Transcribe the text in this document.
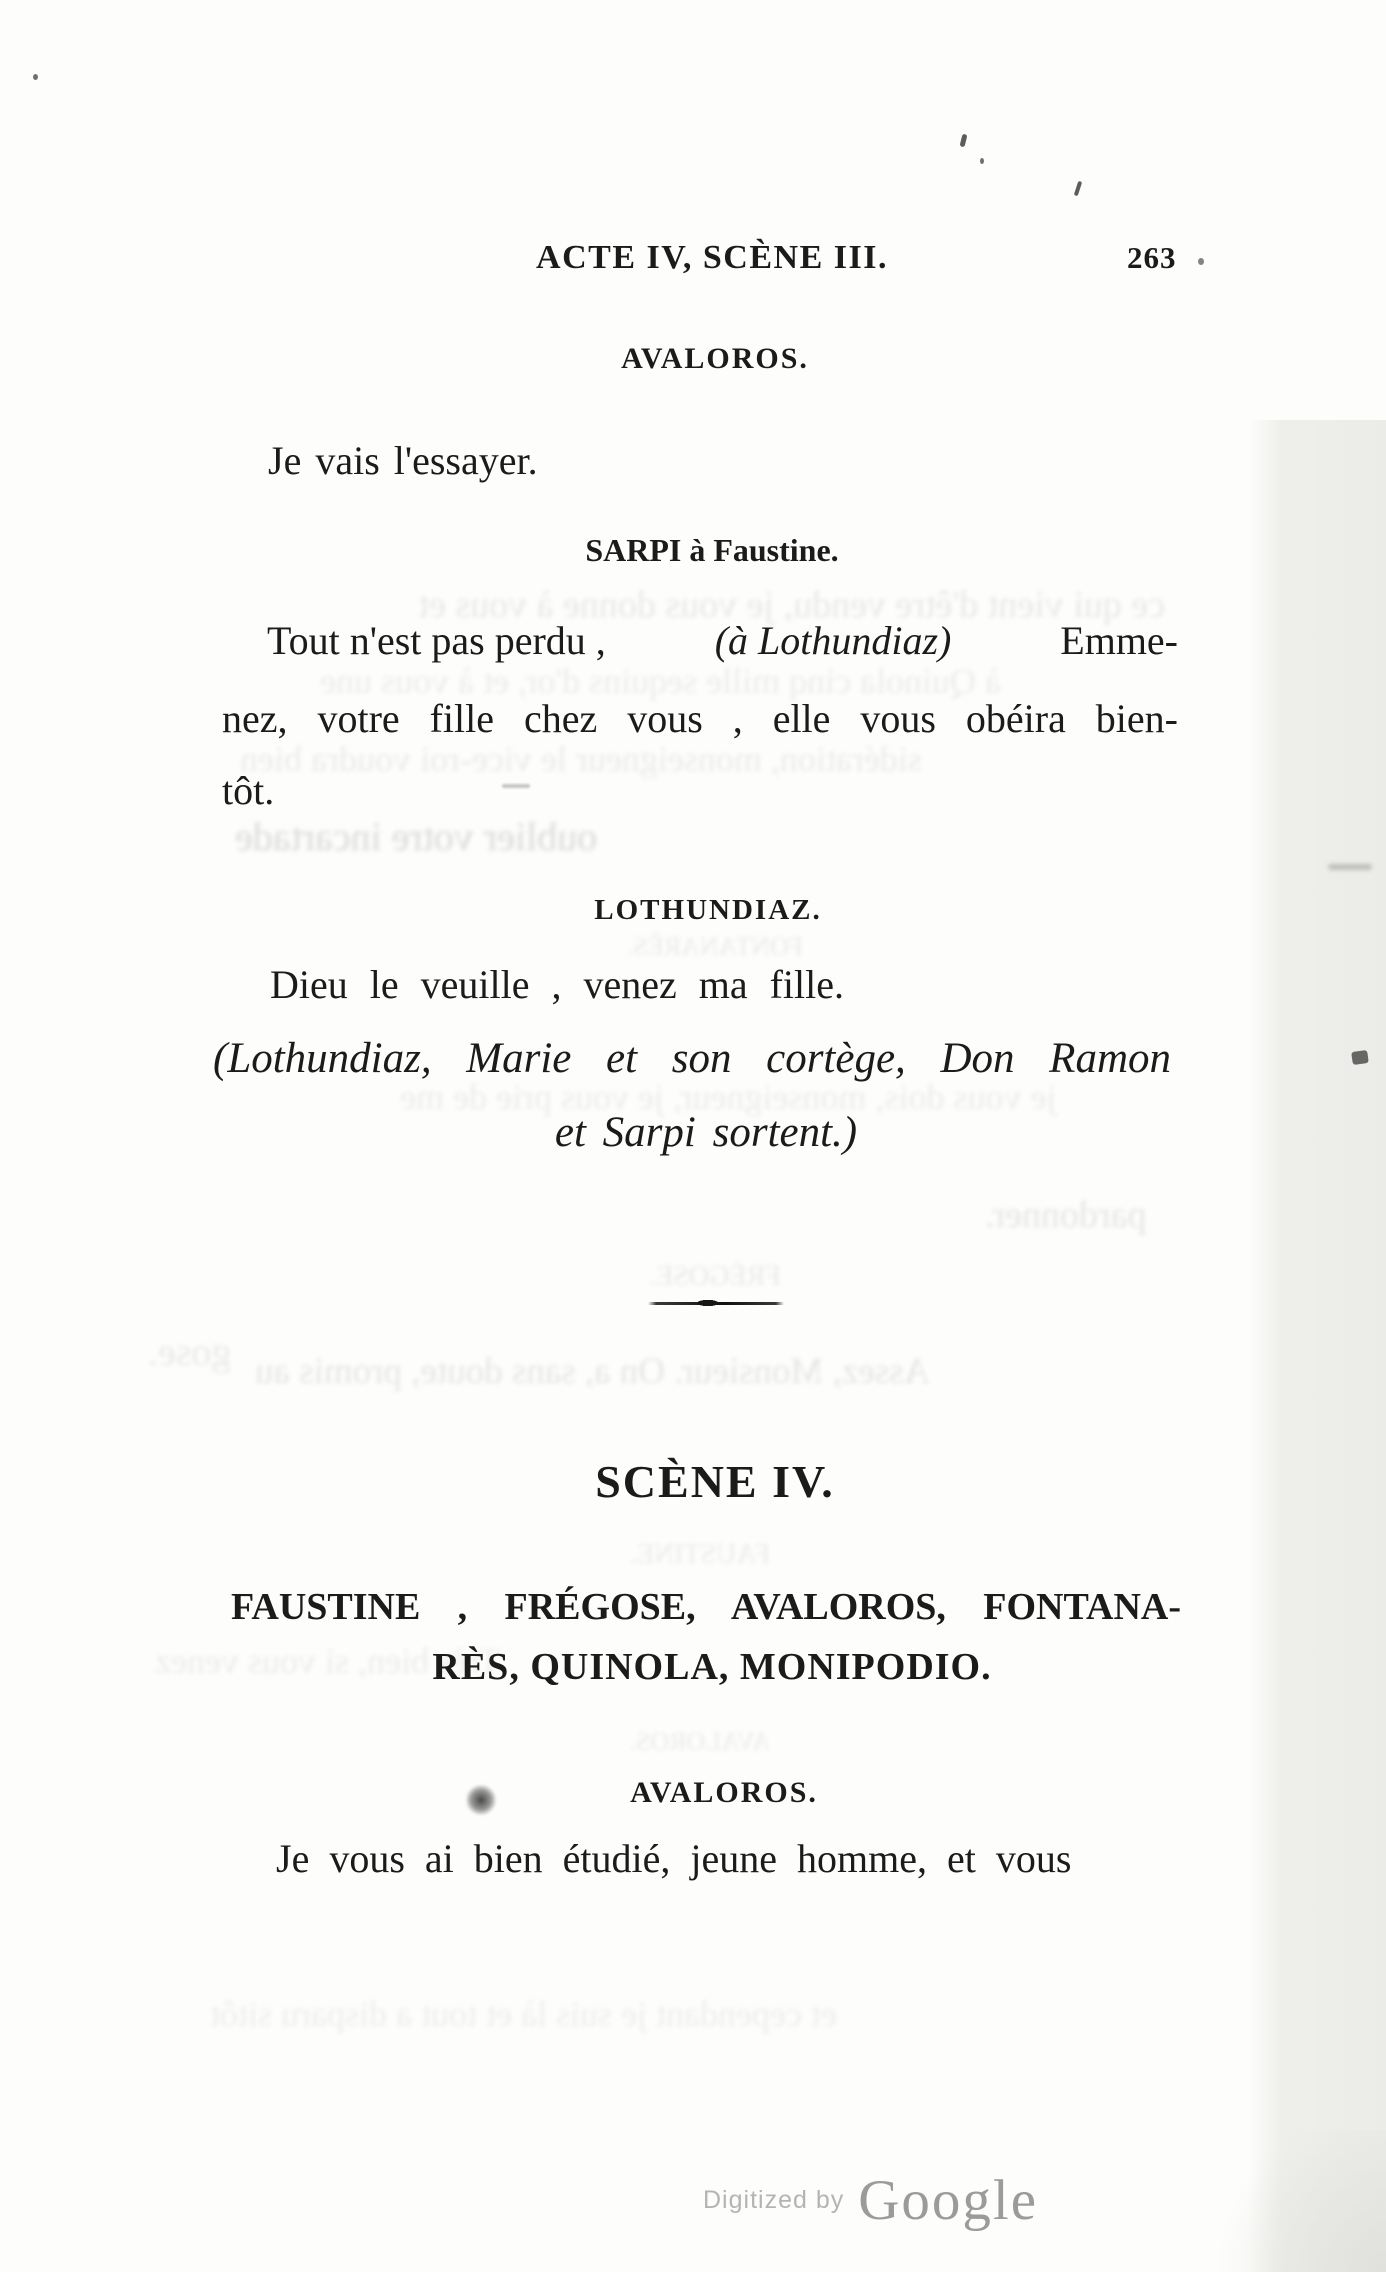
ACTE IV, SCÈNE III.	263
AVALOROS.
Je vais l'essayer.
SARPI à Faustine.
ce qui vient d'être vendu, je vous donne à vous et
Tout n'est pas perdu ,	(à Lothundiaz)	Emme-
à Quinola cinq mille sequins d'or, et à vous une
nez, votre fille chez vous , elle vous obéira bien-
sidération, monseigneur le vice-roi voudra bien
tôt.
oublier votre incartade
LOTHUNDIAZ.
FONTANARÈS.
Dieu le veuille , venez ma fille.
(Lothundiaz, Marie et son cortège, Don Ramon
je vous dois, monseigneur, je vous prie de me
et Sarpi sortent.)
pardonner.
FRÉGOSE.
Assez, Monsieur. On a, sans doute, promis au
gose.
SCÈNE IV.
FAUSTINE.
FAUSTINE , FRÉGOSE, AVALOROS, FONTANA-
Très bien, si vous venez
RÈS, QUINOLA, MONIPODIO.
AVALOROS.
AVALOROS.
Je vous ai bien étudié, jeune homme, et vous
et cependant je suis là et tout a disparu sitôt
Digitized by Google
